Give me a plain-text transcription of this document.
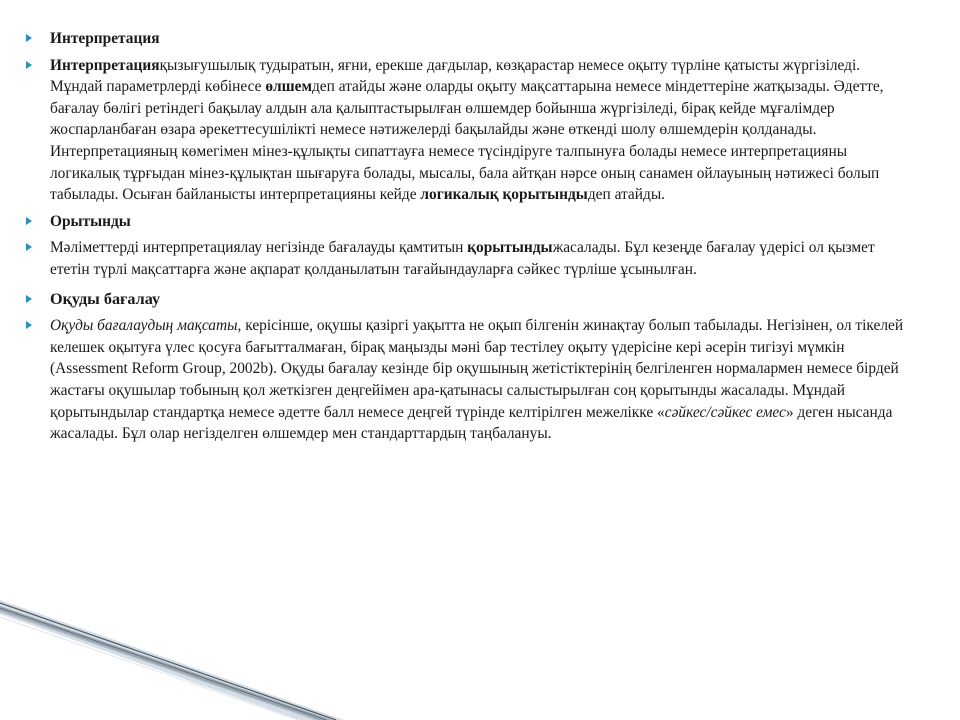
Интерпретация
Интерпретацияқызығушылық тудыратын, яғни, ерекше дағдылар, көзқарастар немесе оқыту түрліне қатысты жүргізіледі. Мұндай параметрлерді көбінесе өлшемдеп атайды және оларды оқыту мақсаттарына немесе міндеттеріне жатқызады. Әдетте, бағалау бөлігі ретіндегі бақылау алдын ала қалыптастырылған өлшемдер бойынша жүргізіледі, бірақ кейде мұғалімдер жоспарланбаған өзара әрекеттесушілікті немесе нәтижелерді бақылайды және өткенді шолу өлшемдерін қолданады. Интерпретацияның көмегімен мінез-құлықты сипаттауға немесе түсіндіруге талпынуға болады немесе интерпретацияны логикалық тұрғыдан мінез-құлықтан шығаруға болады, мысалы, бала айтқан нәрсе оның санамен ойлауының нәтижесі болып табылады. Осыған байланысты интерпретацияны кейде логикалық қорытындыдеп атайды.
Орытынды
Мәліметтерді интерпретациялау негізінде бағалауды қамтитын қорытындыжасалады. Бұл кезеңде бағалау үдерісі ол қызмет ететін түрлі мақсаттарға және ақпарат қолданылатын тағайындауларға сәйкес түрліше ұсынылған.
Оқуды бағалау
Оқуды бағалаудың мақсаты, керісінше, оқушы қазіргі уақытта не оқып білгенін жинақтау болып табылады. Негізінен, ол тікелей келешек оқытуға үлес қосуға бағытталмаған, бірақ маңызды мәні бар тестілеу оқыту үдерісіне кері әсерін тигізуі мүмкін (Assessment Reform Group, 2002b). Оқуды бағалау кезінде бір оқушының жетістіктерінің белгіленген нормалармен немесе бірдей жастағы оқушылар тобының қол жеткізген деңгейімен ара-қатынасы салыстырылған соң қорытынды жасалады. Мұндай қорытындылар стандартқа немесе әдетте балл немесе деңгей түрінде келтірілген межелікке «сәйкес/сәйкес емес» деген нысанда жасалады. Бұл олар негізделген өлшемдер мен стандарттардың таңбалануы.
